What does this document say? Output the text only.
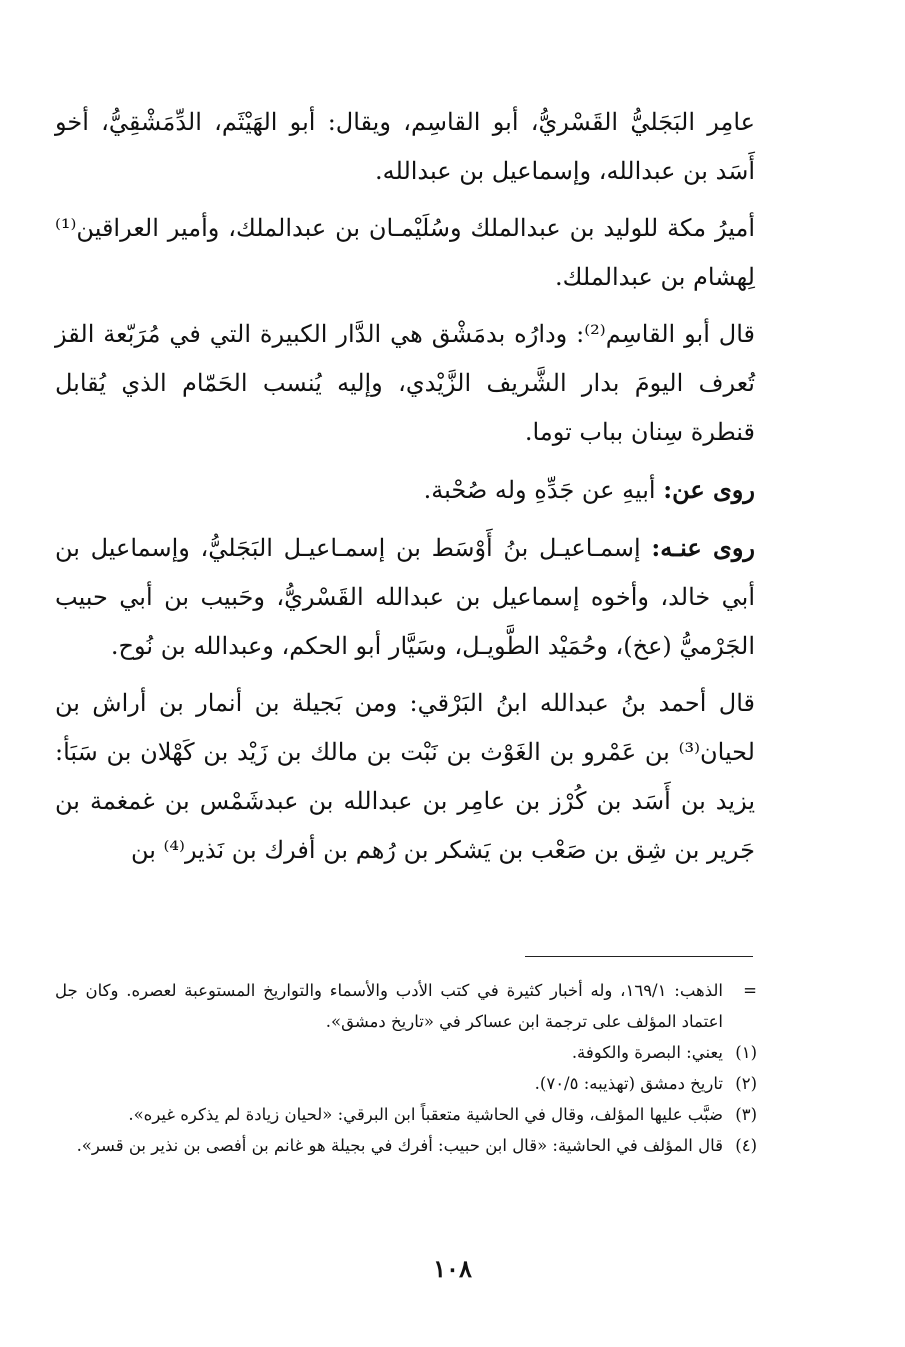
عامِر البَجَليُّ القَسْريُّ، أبو القاسِم، ويقال: أبو الهَيْثَم، الدِّمَشْقِيُّ، أخو أَسَد بن عبدالله، وإسماعيل بن عبدالله.

أميرُ مكة للوليد بن عبدالملك وسُلَيْمـان بن عبدالملك، وأمير العراقين⁽¹⁾ لِهشام بن عبدالملك.

قال أبو القاسِم⁽²⁾: ودارُه بدمَشْق هي الدَّار الكبيرة التي في مُرَبّعة القز تُعرف اليومَ بدار الشَّريف الزَّيْدي، وإليه يُنسب الحَمّام الذي يُقابل قنطرة سِنان بباب توما.

روى عن: أبيهِ عن جَدِّهِ وله صُحْبة.

روى عنـه: إسمـاعيـل بنُ أَوْسَط بن إسمـاعيـل البَجَليُّ، وإسماعيل بن أبي خالد، وأخوه إسماعيل بن عبدالله القَسْريُّ، وحَبيب بن أبي حبيب الجَرْميُّ (عخ)، وحُمَيْد الطَّويـل، وسَيَّار أبو الحكم، وعبدالله بن نُوح.

قال أحمد بنُ عبدالله ابنُ البَرْقي: ومن بَجيلة بن أنمار بن أراش بن لحيان⁽³⁾ بن عَمْرو بن الغَوْث بن نَبْت بن مالك بن زَيْد بن كَهْلان بن سَبَأ: يزيد بن أَسَد بن كُرْز بن عامِر بن عبدالله بن عبدشَمْس بن غمغمة بن جَرير بن شِق بن صَعْب بن يَشكر بن رُهم بن أفرك بن نَذير⁽⁴⁾ بن

=
الذهب: ١٦٩/١، وله أخبار كثيرة في كتب الأدب والأسماء والتواريخ المستوعبة لعصره. وكان جل اعتماد المؤلف على ترجمة ابن عساكر في «تاريخ دمشق».
(١)
يعني: البصرة والكوفة.
(٢)
تاريخ دمشق (تهذيبه: ٧٠/٥).
(٣)
ضبَّب عليها المؤلف، وقال في الحاشية متعقباً ابن البرقي: «لحيان زيادة لم يذكره غيره».
(٤)
قال المؤلف في الحاشية: «قال ابن حبيب: أفرك في بجيلة هو غانم بن أفصى بن نذير بن قسر».
١٠٨
